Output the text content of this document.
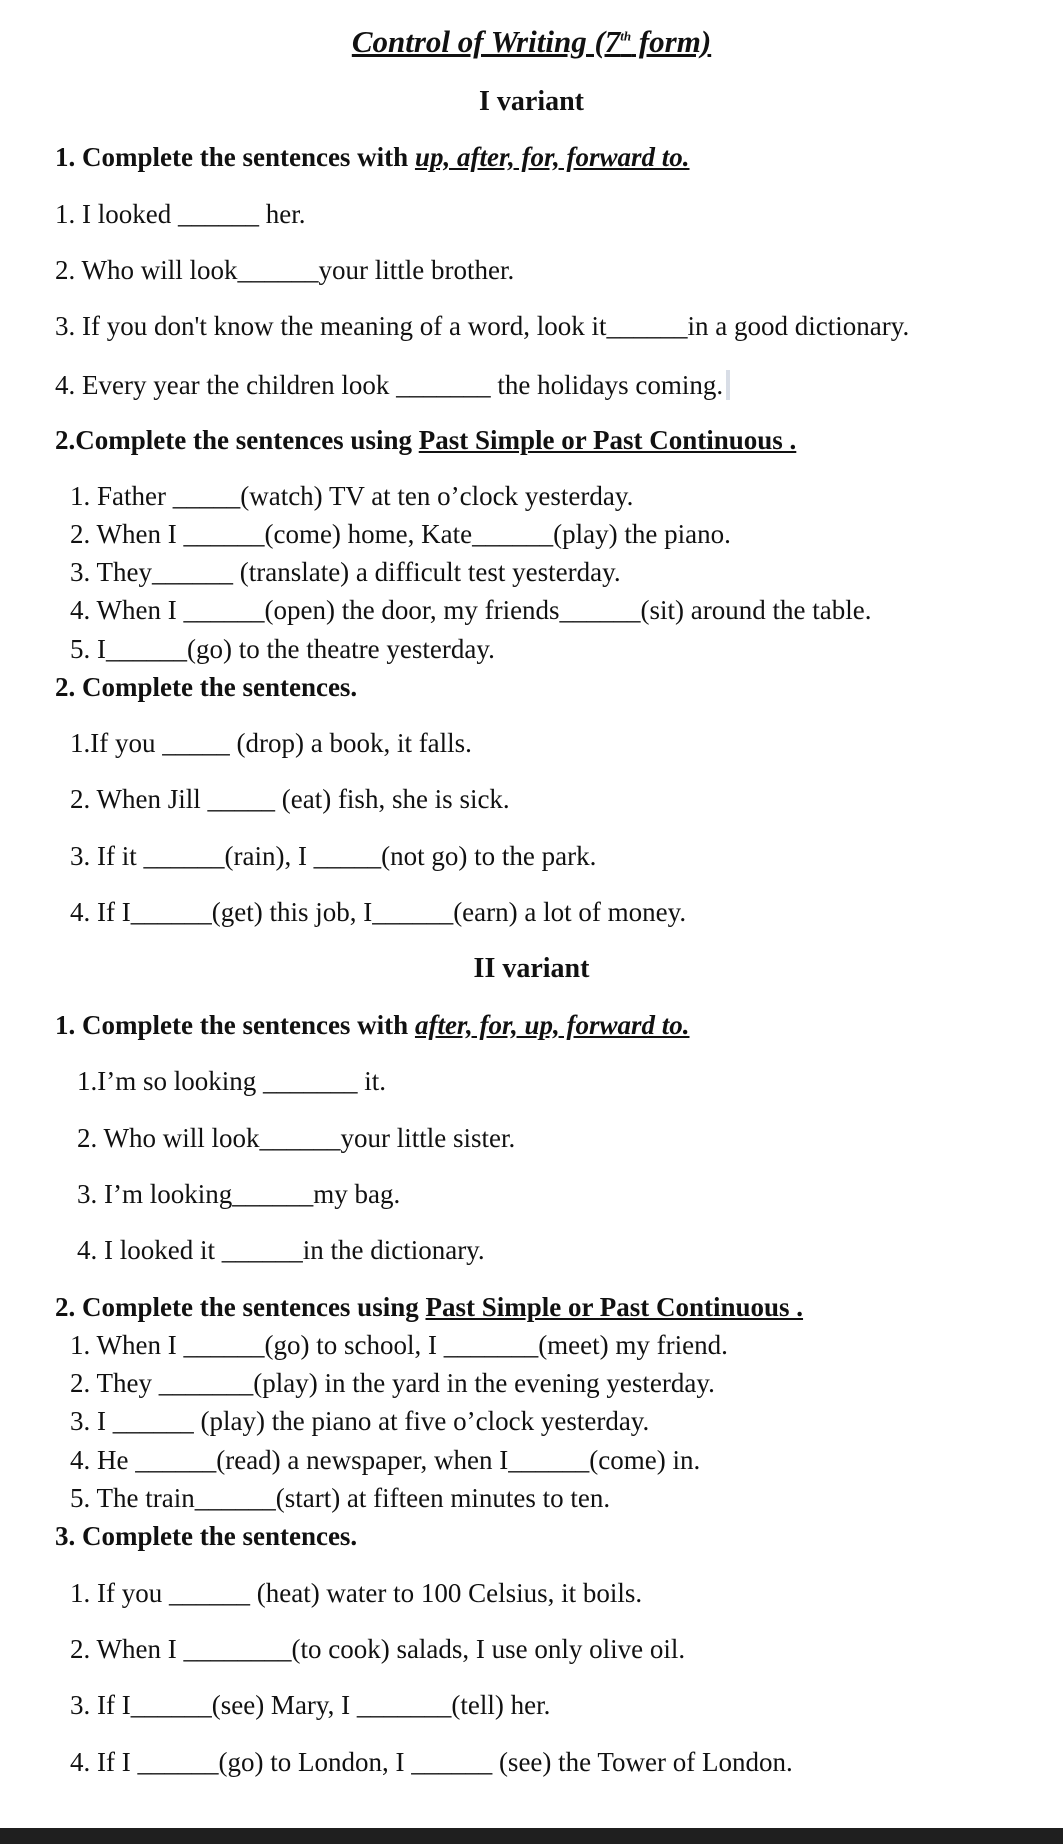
Control of Writing (7th form)
I variant
1. Complete the sentences with up, after, for, forward to.
1. I looked ______ her.
2. Who will look______your little brother.
3. If you don't know the meaning of a word, look it______in a good dictionary.
4. Every year the children look _______ the holidays coming.
2.Complete the sentences using Past Simple or Past Continuous .
1. Father _____(watch) TV at ten o’clock yesterday.
2. When I ______(come) home, Kate______(play) the piano.
3. They______ (translate) a difficult test yesterday.
4. When I ______(open) the door, my friends______(sit) around the table.
5. I______(go) to the theatre yesterday.
2. Complete the sentences.
1.If you _____ (drop) a book, it falls.
2. When Jill _____ (eat) fish, she is sick.
3. If it ______(rain), I _____(not go) to the park.
4. If I______(get) this job, I______(earn) a lot of money.
II variant
1. Complete the sentences with after, for, up, forward to.
1.I’m so looking _______ it.
2. Who will look______your little sister.
3. I’m looking______my bag.
4. I looked it ______in the dictionary.
2. Complete the sentences using Past Simple or Past Continuous .
1. When I ______(go) to school, I _______(meet) my friend.
2. They _______(play) in the yard in the evening yesterday.
3. I ______ (play) the piano at five o’clock yesterday.
4. He ______(read) a newspaper, when I______(come) in.
5. The train______(start) at fifteen minutes to ten.
3. Complete the sentences.
1. If you ______ (heat) water to 100 Celsius, it boils.
2. When I ________(to cook) salads, I use only olive oil.
3. If I______(see) Mary, I _______(tell) her.
4. If I ______(go) to London, I ______ (see) the Tower of London.
